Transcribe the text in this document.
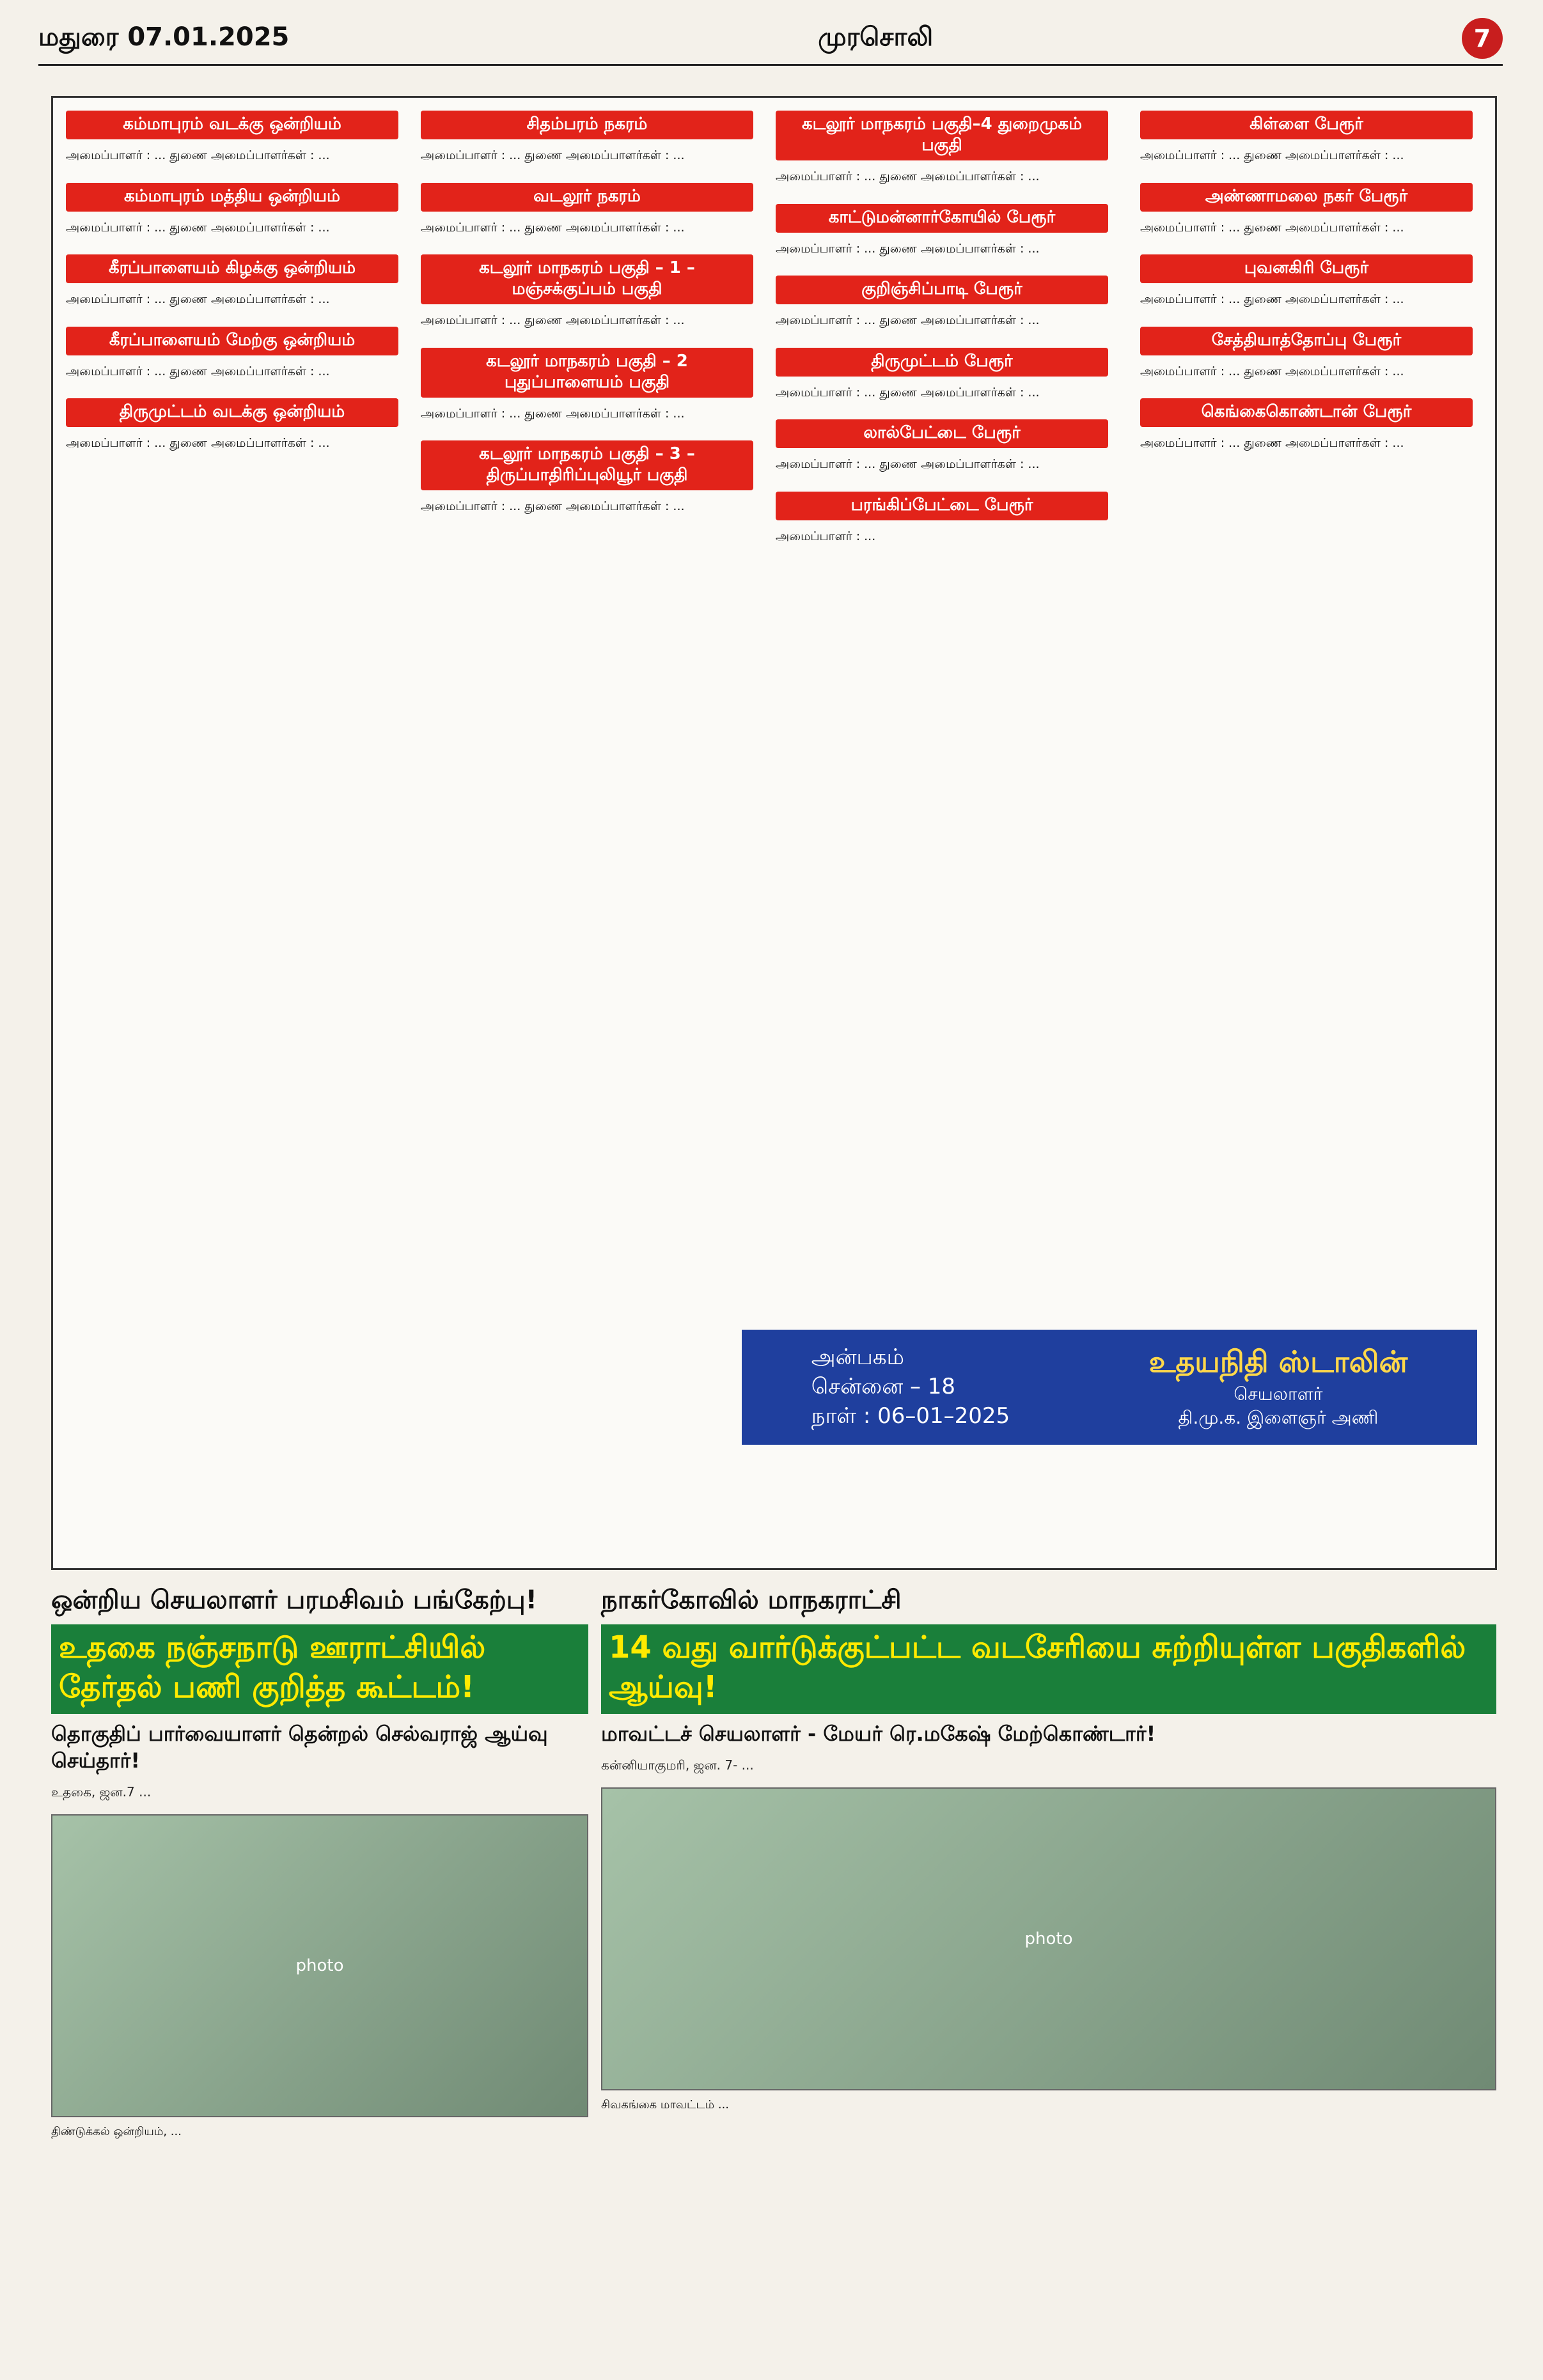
மதுரை 07.01.2025	முரசொலி	7
கம்மாபுரம் வடக்கு ஒன்றியம்
அமைப்பாளர் : ... துணை அமைப்பாளர்கள் : ...
கம்மாபுரம் மத்திய ஒன்றியம்
அமைப்பாளர் : ... துணை அமைப்பாளர்கள் : ...
கீரப்பாளையம் கிழக்கு ஒன்றியம்
அமைப்பாளர் : ... துணை அமைப்பாளர்கள் : ...
கீரப்பாளையம் மேற்கு ஒன்றியம்
அமைப்பாளர் : ... துணை அமைப்பாளர்கள் : ...
திருமுட்டம் வடக்கு ஒன்றியம்
அமைப்பாளர் : ... துணை அமைப்பாளர்கள் : ...
சிதம்பரம் நகரம்
அமைப்பாளர் : ... துணை அமைப்பாளர்கள் : ...
வடலூர் நகரம்
அமைப்பாளர் : ... துணை அமைப்பாளர்கள் : ...
கடலூர் மாநகரம் பகுதி – 1 – மஞ்சக்குப்பம் பகுதி
அமைப்பாளர் : ... துணை அமைப்பாளர்கள் : ...
கடலூர் மாநகரம் பகுதி – 2 புதுப்பாளையம் பகுதி
அமைப்பாளர் : ... துணை அமைப்பாளர்கள் : ...
கடலூர் மாநகரம் பகுதி – 3 – திருப்பாதிரிப்புலியூர் பகுதி
அமைப்பாளர் : ... துணை அமைப்பாளர்கள் : ...
கடலூர் மாநகரம் பகுதி–4 துறைமுகம் பகுதி
அமைப்பாளர் : ... துணை அமைப்பாளர்கள் : ...
காட்டுமன்னார்கோயில் பேரூர்
அமைப்பாளர் : ... துணை அமைப்பாளர்கள் : ...
குறிஞ்சிப்பாடி பேரூர்
அமைப்பாளர் : ... துணை அமைப்பாளர்கள் : ...
திருமுட்டம் பேரூர்
அமைப்பாளர் : ... துணை அமைப்பாளர்கள் : ...
லால்பேட்டை பேரூர்
அமைப்பாளர் : ... துணை அமைப்பாளர்கள் : ...
பரங்கிப்பேட்டை பேரூர்
அமைப்பாளர் : ...
கிள்ளை பேரூர்
அமைப்பாளர் : ... துணை அமைப்பாளர்கள் : ...
அண்ணாமலை நகர் பேரூர்
அமைப்பாளர் : ... துணை அமைப்பாளர்கள் : ...
புவனகிரி பேரூர்
அமைப்பாளர் : ... துணை அமைப்பாளர்கள் : ...
சேத்தியாத்தோப்பு பேரூர்
அமைப்பாளர் : ... துணை அமைப்பாளர்கள் : ...
கெங்கைகொண்டான் பேரூர்
அமைப்பாளர் : ... துணை அமைப்பாளர்கள் : ...
அன்பகம்
சென்னை – 18
நாள் : 06–01–2025
உதயநிதி ஸ்டாலின்
செயலாளர்
தி.மு.க. இளைஞர் அணி
ஒன்றிய செயலாளர் பரமசிவம் பங்கேற்பு!
உதகை நஞ்சநாடு ஊராட்சியில் தேர்தல் பணி குறித்த கூட்டம்!
தொகுதிப் பார்வையாளர் தென்றல் செல்வராஜ் ஆய்வு செய்தார்!
உதகை, ஜன.7 ...
photo
திண்டுக்கல் ஒன்றியம், ...
நாகர்கோவில் மாநகராட்சி
14 வது வார்டுக்குட்பட்ட வடசேரியை சுற்றியுள்ள பகுதிகளில் ஆய்வு!
மாவட்டச் செயலாளர் - மேயர் ரெ.மகேஷ் மேற்கொண்டார்!
கன்னியாகுமரி, ஜன. 7- ...
photo
சிவகங்கை மாவட்டம் ...
